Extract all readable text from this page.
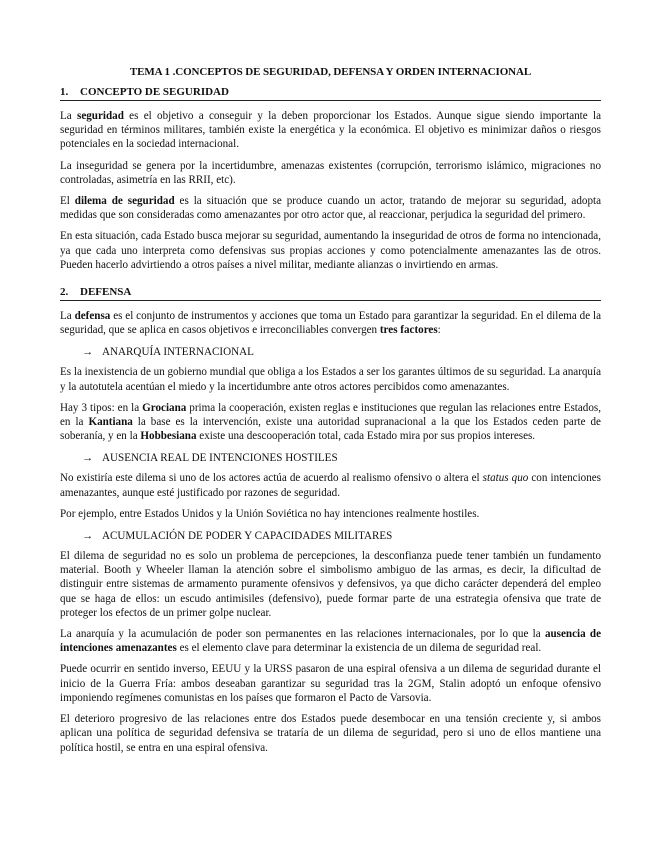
TEMA 1 .CONCEPTOS DE SEGURIDAD, DEFENSA Y ORDEN INTERNACIONAL
1.	CONCEPTO DE SEGURIDAD

La seguridad es el objetivo a conseguir y la deben proporcionar los Estados. Aunque sigue siendo importante la seguridad en términos militares, también existe la energética y la económica. El objetivo es minimizar daños o riesgos potenciales en la sociedad internacional.

La inseguridad se genera por la incertidumbre, amenazas existentes (corrupción, terrorismo islámico, migraciones no controladas, asimetría en las RRII, etc).

El dilema de seguridad es la situación que se produce cuando un actor, tratando de mejorar su seguridad, adopta medidas que son consideradas como amenazantes por otro actor que, al reaccionar, perjudica la seguridad del primero.

En esta situación, cada Estado busca mejorar su seguridad, aumentando la inseguridad de otros de forma no intencionada, ya que cada uno interpreta como defensivas sus propias acciones y como potencialmente amenazantes las de otros. Pueden hacerlo advirtiendo a otros países a nivel militar, mediante alianzas o invirtiendo en armas.

2.	DEFENSA

La defensa es el conjunto de instrumentos y acciones que toma un Estado para garantizar la seguridad. En el dilema de la seguridad, que se aplica en casos objetivos e irreconciliables convergen tres factores:

→ ANARQUÍA INTERNACIONAL

Es la inexistencia de un gobierno mundial que obliga a los Estados a ser los garantes últimos de su seguridad. La anarquía y la autotutela acentúan el miedo y la incertidumbre ante otros actores percibidos como amenazantes.

Hay 3 tipos: en la Grociana prima la cooperación, existen reglas e instituciones que regulan las relaciones entre Estados, en la Kantiana la base es la intervención, existe una autoridad supranacional a la que los Estados ceden parte de soberanía, y en la Hobbesiana existe una descooperación total, cada Estado mira por sus propios intereses.

→ AUSENCIA REAL DE INTENCIONES HOSTILES

No existiría este dilema si uno de los actores actúa de acuerdo al realismo ofensivo o altera el status quo con intenciones amenazantes, aunque esté justificado por razones de seguridad.

Por ejemplo, entre Estados Unidos y la Unión Soviética no hay intenciones realmente hostiles.

→ ACUMULACIÓN DE PODER Y CAPACIDADES MILITARES

El dilema de seguridad no es solo un problema de percepciones, la desconfianza puede tener también un fundamento material. Booth y Wheeler llaman la atención sobre el simbolismo ambiguo de las armas, es decir, la dificultad de distinguir entre sistemas de armamento puramente ofensivos y defensivos, ya que dicho carácter dependerá del empleo que se haga de ellos: un escudo antimisiles (defensivo), puede formar parte de una estrategia ofensiva que trate de proteger los efectos de un primer golpe nuclear.

La anarquía y la acumulación de poder son permanentes en las relaciones internacionales, por lo que la ausencia de intenciones amenazantes es el elemento clave para determinar la existencia de un dilema de seguridad real.

Puede ocurrir en sentido inverso, EEUU y la URSS pasaron de una espiral ofensiva a un dilema de seguridad durante el inicio de la Guerra Fría: ambos deseaban garantizar su seguridad tras la 2GM, Stalin adoptó un enfoque ofensivo imponiendo regímenes comunistas en los países que formaron el Pacto de Varsovia.

El deterioro progresivo de las relaciones entre dos Estados puede desembocar en una tensión creciente y, si ambos aplican una política de seguridad defensiva se trataría de un dilema de seguridad, pero si uno de ellos mantiene una política hostil, se entra en una espiral ofensiva.
